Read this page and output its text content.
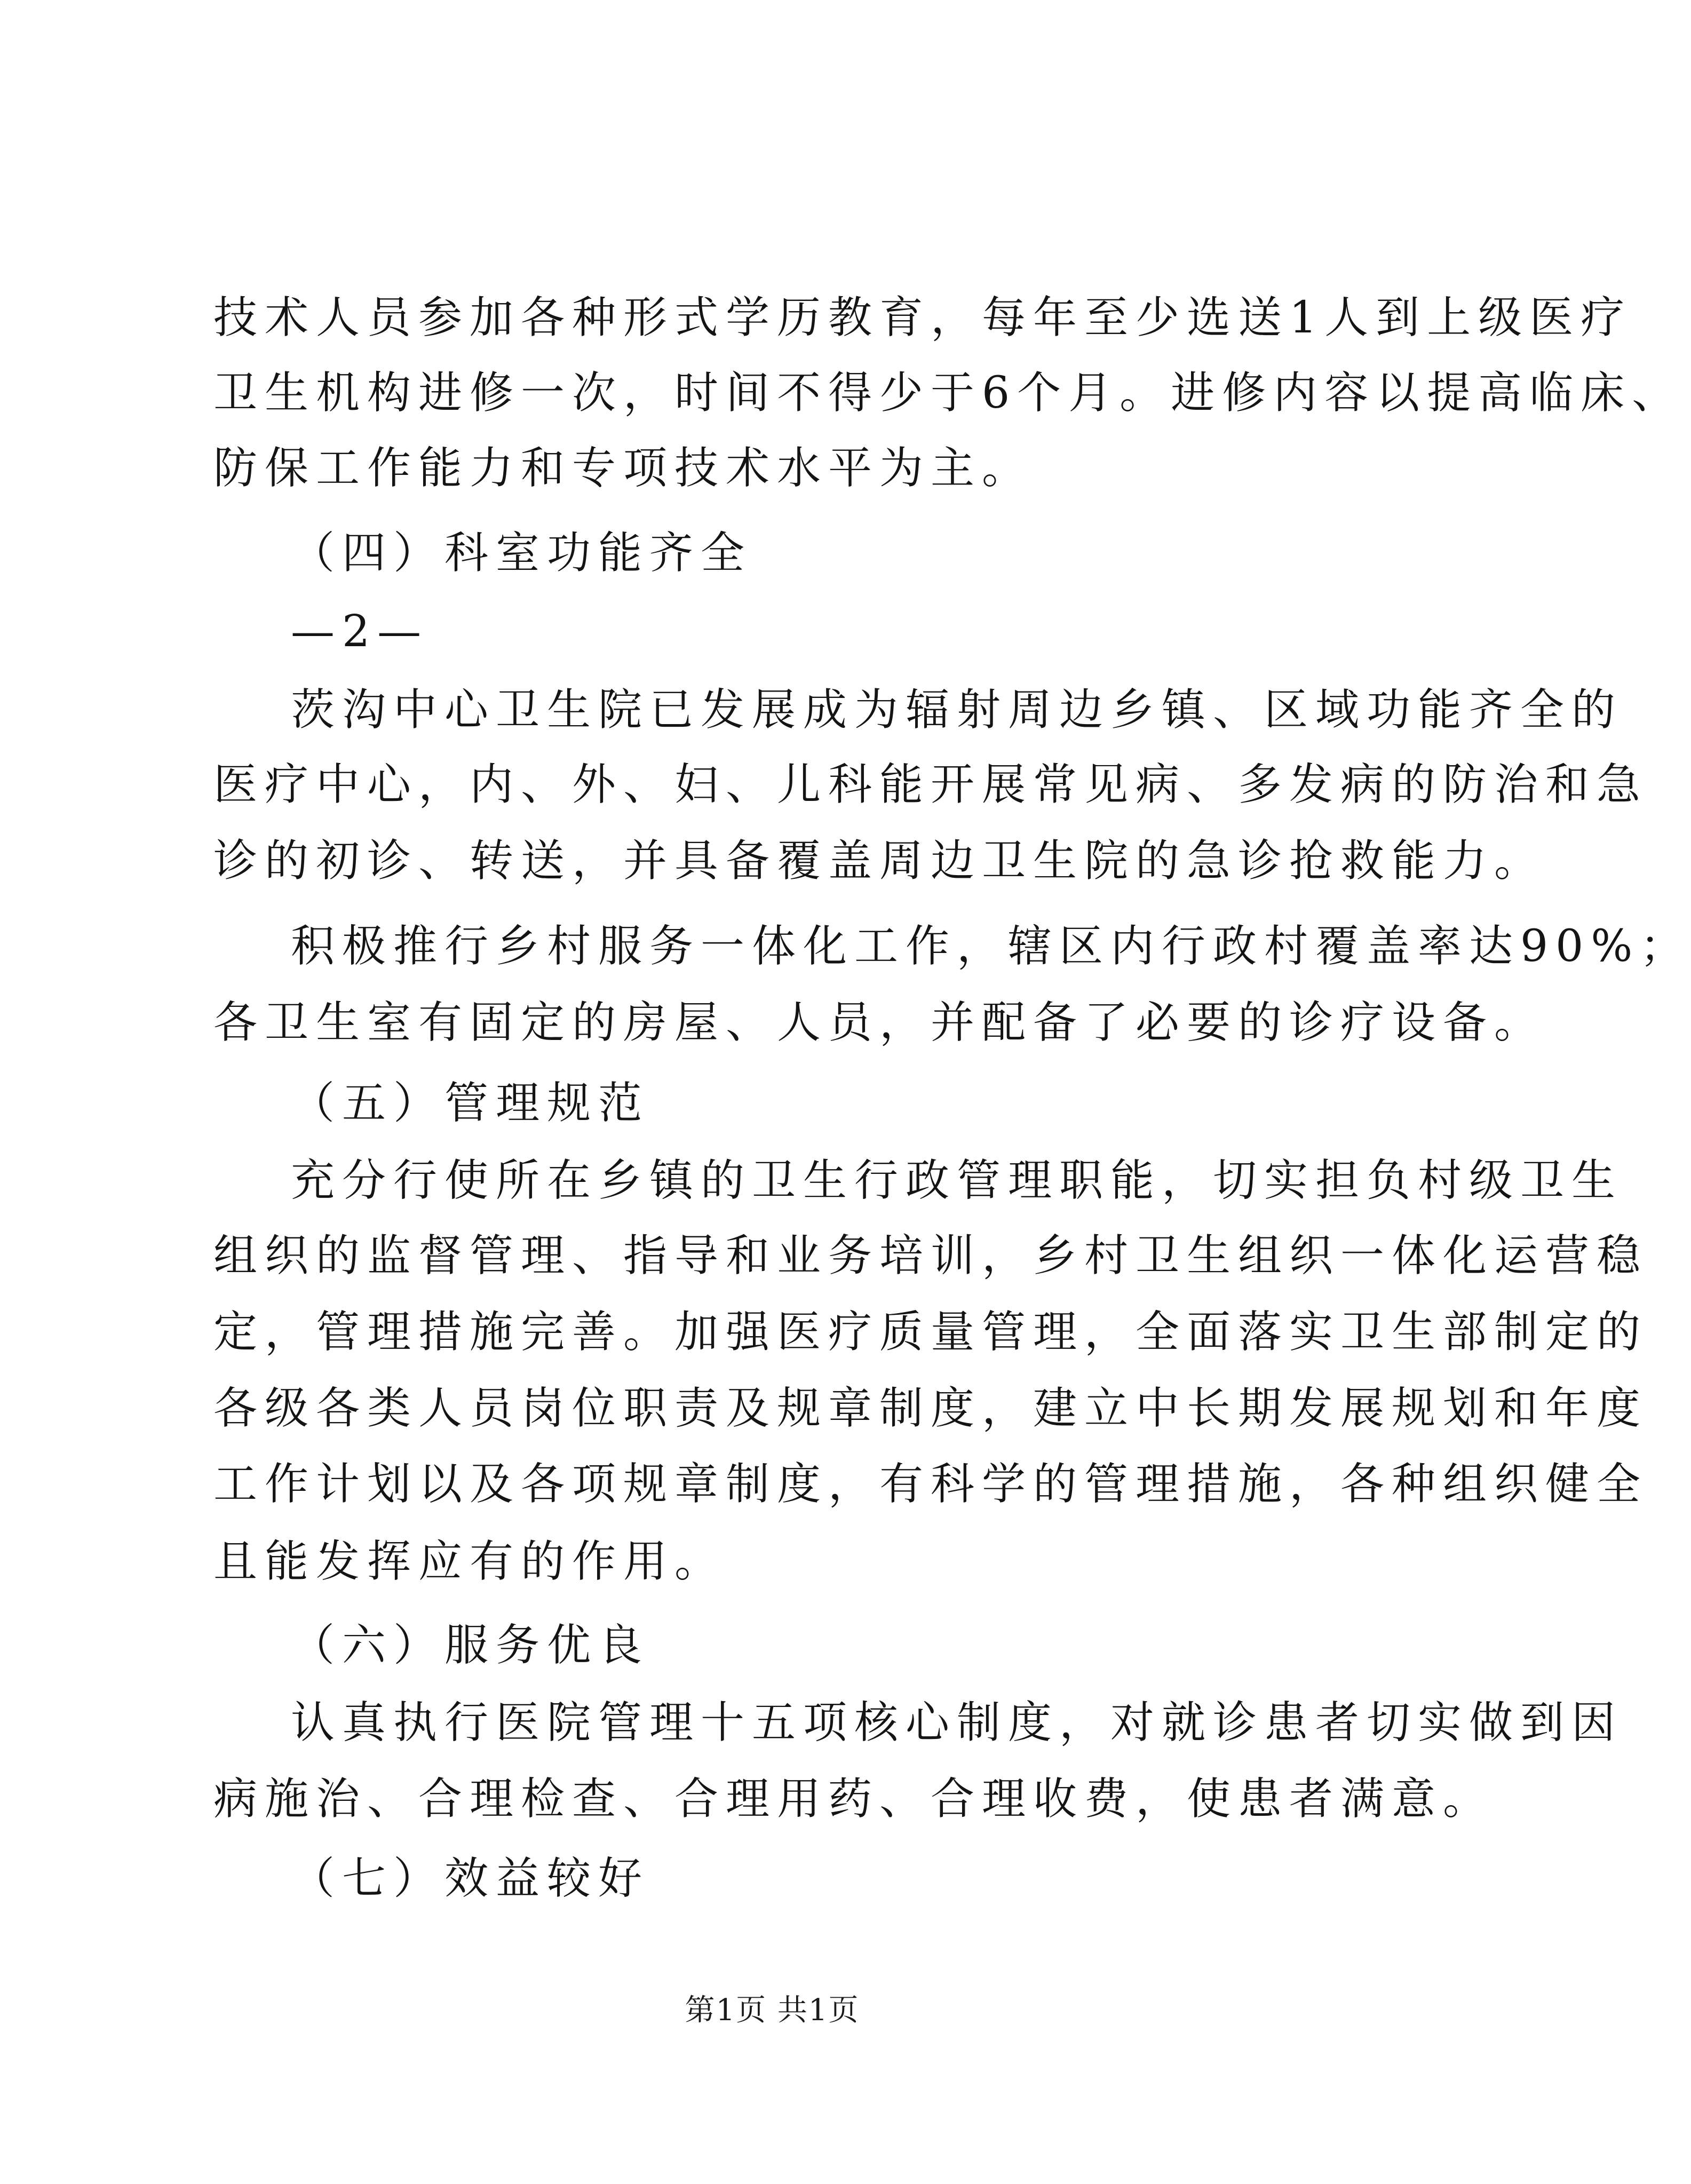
技术人员参加各种形式学历教育，每年至少选送1人到上级医疗
卫生机构进修一次，时间不得少于6个月。进修内容以提高临床、
防保工作能力和专项技术水平为主。
（四）科室功能齐全
—2—
茨沟中心卫生院已发展成为辐射周边乡镇、区域功能齐全的
医疗中心，内、外、妇、儿科能开展常见病、多发病的防治和急
诊的初诊、转送，并具备覆盖周边卫生院的急诊抢救能力。
积极推行乡村服务一体化工作，辖区内行政村覆盖率达90%；
各卫生室有固定的房屋、人员，并配备了必要的诊疗设备。
（五）管理规范
充分行使所在乡镇的卫生行政管理职能，切实担负村级卫生
组织的监督管理、指导和业务培训，乡村卫生组织一体化运营稳
定，管理措施完善。加强医疗质量管理，全面落实卫生部制定的
各级各类人员岗位职责及规章制度，建立中长期发展规划和年度
工作计划以及各项规章制度，有科学的管理措施，各种组织健全
且能发挥应有的作用。
（六）服务优良
认真执行医院管理十五项核心制度，对就诊患者切实做到因
病施治、合理检查、合理用药、合理收费，使患者满意。
（七）效益较好
第1页 共1页
